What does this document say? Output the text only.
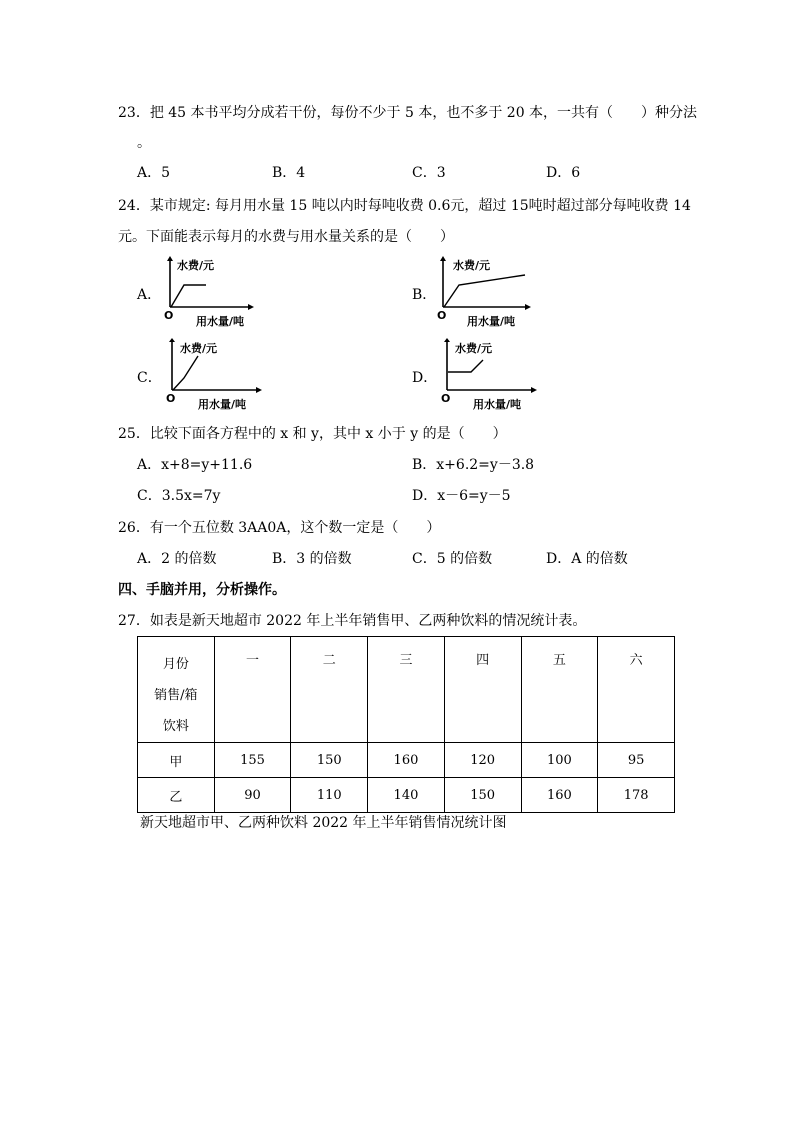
23．把 45 本书平均分成若干份，每份不少于 5 本，也不多于 20 本，一共有（　　）种分法
。
A．5	B．4	C．3	D．6
24．某市规定: 每月用水量 15 吨以内时每吨收费 0.6元，超过 15吨时超过部分每吨收费 14
元。下面能表示每月的水费与用水量关系的是（　　）
A．	B．
C．	D．
水费/元
用水量/吨
O
水费/元
用水量/吨
O
水费/元
用水量/吨
O
水费/元
用水量/吨
O
25．比较下面各方程中的 x 和 y，其中 x 小于 y 的是（　　）
A．x+8=y+11.6	B．x+6.2=y－3.8
C．3.5x=7y	D．x－6=y－5
26．有一个五位数 3AA0A，这个数一定是（　　）
A．2 的倍数	B．3 的倍数	C．5 的倍数	D．A 的倍数
四、手脑并用，分析操作。
27．如表是新天地超市 2022 年上半年销售甲、乙两种饮料的情况统计表。
月份
销售/箱
饮料	一	二	三	四	五	六
甲	155	150	160	120	100	95
乙	90	110	140	150	160	178
新天地超市甲、乙两种饮料 2022 年上半年销售情况统计图
